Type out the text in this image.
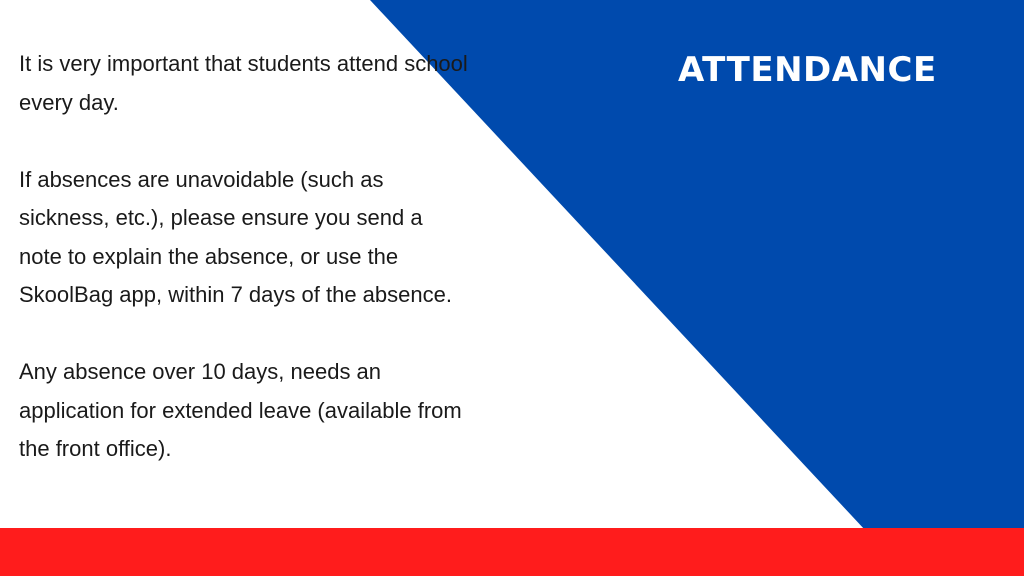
ATTENDANCE

It is very important that students attend school every day.

If absences are unavoidable (such as sickness, etc.), please ensure you send a note to explain the absence, or use the SkoolBag app, within 7 days of the absence.

Any absence over 10 days, needs an application for extended leave (available from the front office).
